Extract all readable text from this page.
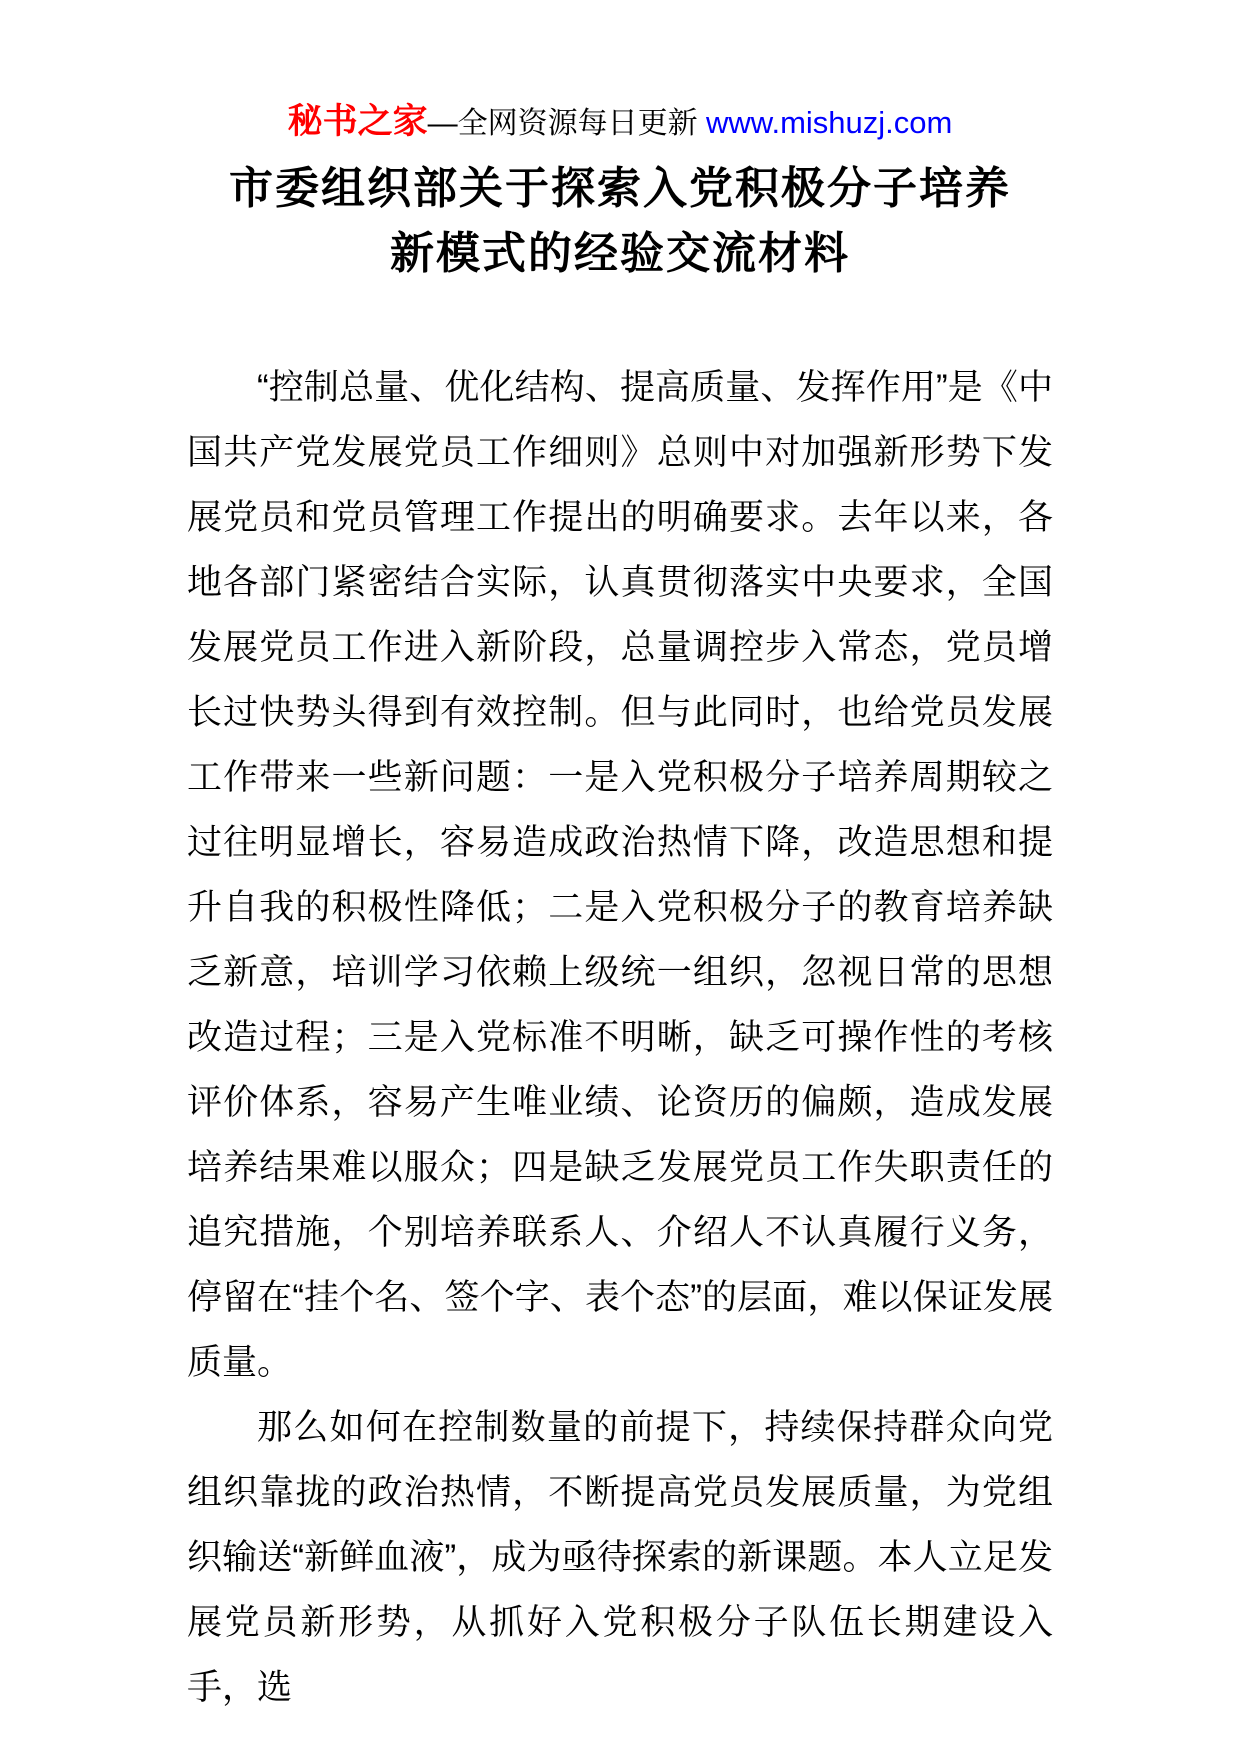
秘书之家—全网资源每日更新 www.mishuzj.com
市委组织部关于探索入党积极分子培养
新模式的经验交流材料

“控制总量、优化结构、提高质量、发挥作用”是《中国共产党发展党员工作细则》总则中对加强新形势下发展党员和党员管理工作提出的明确要求。去年以来，各地各部门紧密结合实际，认真贯彻落实中央要求，全国发展党员工作进入新阶段，总量调控步入常态，党员增长过快势头得到有效控制。但与此同时，也给党员发展工作带来一些新问题：一是入党积极分子培养周期较之过往明显增长，容易造成政治热情下降，改造思想和提升自我的积极性降低；二是入党积极分子的教育培养缺乏新意，培训学习依赖上级统一组织，忽视日常的思想改造过程；三是入党标准不明晰，缺乏可操作性的考核评价体系，容易产生唯业绩、论资历的偏颇，造成发展培养结果难以服众；四是缺乏发展党员工作失职责任的追究措施，个别培养联系人、介绍人不认真履行义务，停留在“挂个名、签个字、表个态”的层面，难以保证发展质量。

那么如何在控制数量的前提下，持续保持群众向党组织靠拢的政治热情，不断提高党员发展质量，为党组织输送“新鲜血液”，成为亟待探索的新课题。本人立足发展党员新形势，从抓好入党积极分子队伍长期建设入手，选
